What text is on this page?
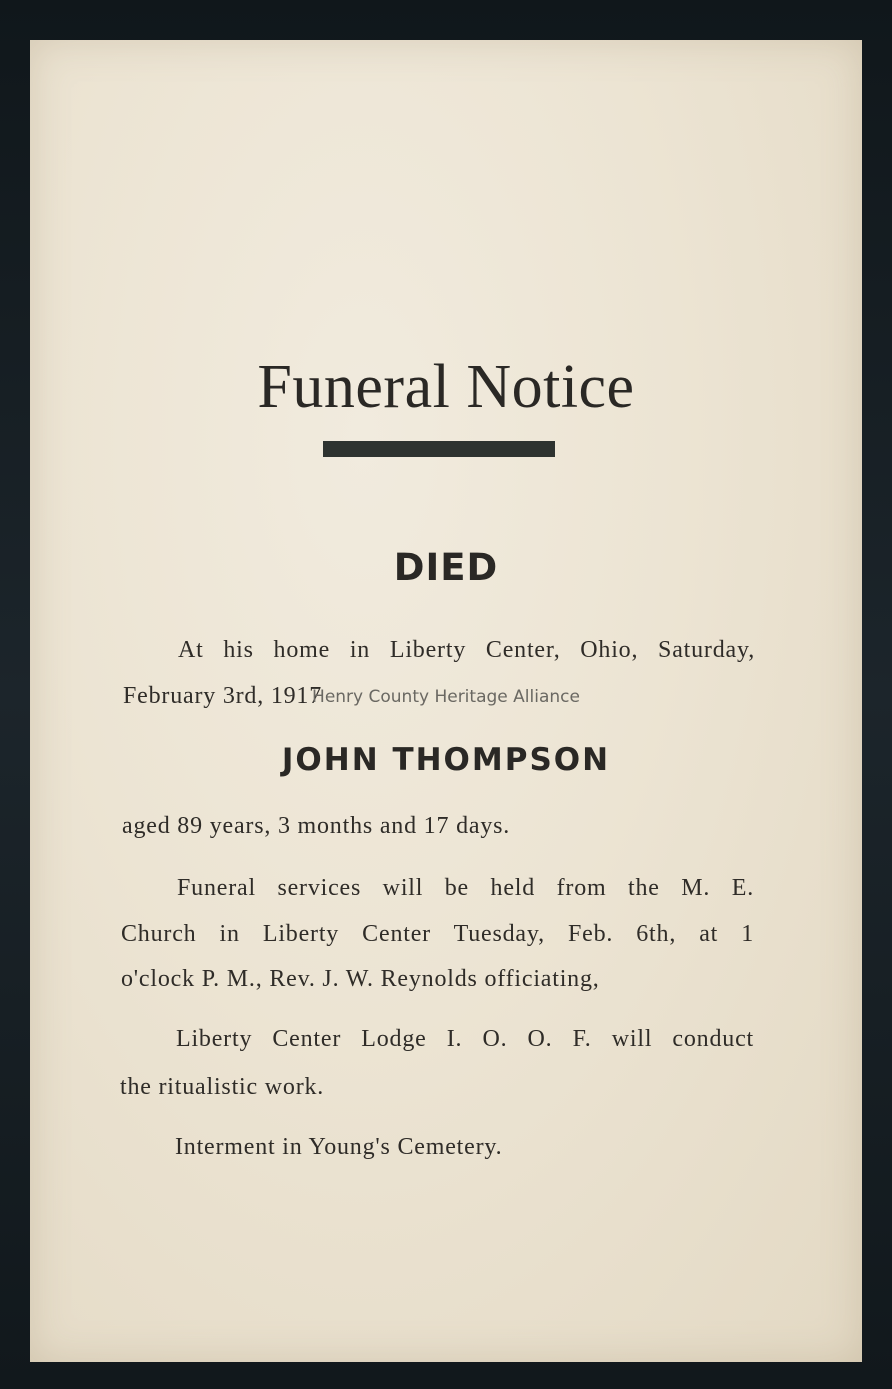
Funeral Notice
DIED
At his home in Liberty Center, Ohio, Saturday,
February 3rd, 1917
Henry County Heritage Alliance
JOHN THOMPSON
aged 89 years, 3 months and 17 days.
Funeral services will be held from the M. E.
Church in Liberty Center Tuesday, Feb. 6th, at 1
o'clock P. M., Rev. J. W. Reynolds officiating,
Liberty Center Lodge I. O. O. F. will conduct
the ritualistic work.
Interment in Young's Cemetery.
